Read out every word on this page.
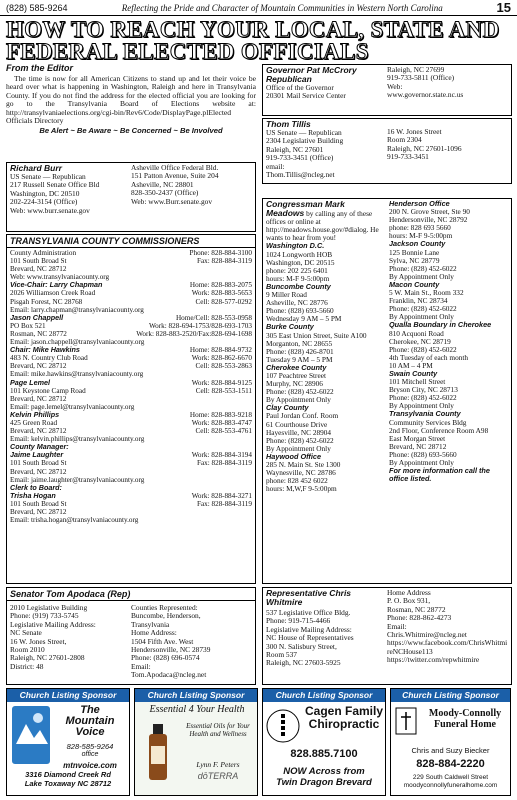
(828) 585-9264	Reflecting the Pride and Character of Mountain Communities in Western North Carolina	15
HOW TO REACH YOUR LOCAL, STATE AND FEDERAL ELECTED OFFICIALS
From the Editor

The time is now for all American Citizens to stand up and let their voice be heard over what is happening in Washington, Raleigh and here in Transylvania County. If you do not find the address for the elected official you are looking for go to the Transylvania Board of Elections website at: http://transylvaniaelections.org/cgi-bin/Rev6/Code/DisplayPage.plElected Officials Directory

Be Alert ~ Be Aware ~ Be Concerned ~ Be Involved
Governor Pat McCrory Republican
Office of the Governor
20301 Mail Service Center
Raleigh, NC 27699
919-733-5811 (Office)
Web:
www.governor.state.nc.us
Thom Tillis
US Senate — Republican
2304 Legislative Building
Raleigh, NC 27601
919-733-3451 (Office)
email:
Thom.Tillis@ncleg.net
16 W. Jones Street
Room 2304
Raleigh, NC 27601-1096
919-733-3451
Richard Burr
US Senate — Republican
217 Russell Senate Office Bld
Washington, DC 20510
202-224-3154 (Office)
Web: www.burr.senate.gov
Asheville Office Federal Bld.
151 Patton Avenue, Suite 204
Asheville, NC 28801
828-350-2437 (Office)
Web: www.Burr.senate.gov
TRANSYLVANIA COUNTY COMMISSIONERS
County Administration	Phone: 828-884-3100
101 South Broad St	Fax: 828-884-3119
Brevard, NC 28712
Web: www.transylvaniacounty.org
Vice-Chair: Larry Chapman	Home: 828-883-2075
2026 Williamson Creek Road	Work: 828-883-5653
Pisgah Forest, NC 28768	Cell: 828-577-0292
Email: larry.chapman@transylvaniacounty.org
Jason Chappell	Home/Cell: 828-553-0958
PO Box 521	Work: 828-694-1753/828-693-1703
Rosman, NC 28772	Work: 828-883-2520/Fax:828-694-1698
Email: jason.chappell@transylvaniacounty.org
Chair: Mike Hawkins	Home: 828-884-9732
483 N. Country Club Road	Work: 828-862-6670
Brevard, NC 28712	Cell: 828-553-2863
Email: mike.hawkins@transylvaniacounty.org
Page Lemel	Work: 828-884-9125
101 Keystone Camp Road	Cell: 828-553-1511
Brevard, NC 28712
Email: page.lemel@transylvaniacounty.org
Kelvin Phillips	Home: 828-883-9218
425 Green Road	Work: 828-883-4747
Brevard, NC 28712	Cell: 828-553-4761
Email: kelvin.phillips@transylvaniacounty.org
County Manager:
Jaime Laughter	Work: 828-884-3194
101 South Broad St	Fax: 828-884-3119
Brevard, NC 28712
Email: jaime.laughter@transylvaniacounty.org
Clerk to Board:
Trisha Hogan	Work: 828-884-3271
101 South Broad St	Fax: 828-884-3119
Brevard, NC 28712
Email: trisha.hogan@transylvaniacounty.org
Congressman Mark Meadows by calling any of these offices or online at http://meadows.house.gov/#dialog. He wants to hear from you!
Washington D.C.
1024 Longworth HOB
Washington, DC 20515
phone: 202 225 6401
hours: M-F 9-5:00pm
Buncombe County
9 Miller Road
Asheville, NC 28776
Phone: (828) 693-5660
Wednesday 9 AM – 5 PM
Burke County
305 East Union Street, Suite A100
Morganton, NC 28655
Phone: (828) 426-8701
Tuesday 9 AM – 5 PM
Cherokee County
107 Peachtree Street
Murphy, NC 28906
Phone: (828) 452-6022
By Appointment Only
Clay County
Paul Jordan Conf. Room
61 Courthouse Drive
Hayesville, NC 28904
Phone: (828) 452-6022
By Appointment Only
Haywood Office
285 N. Main St. Ste 1300
Waynesville, NC 28786
phone: 828 452 6022
hours: M,W,F 9-5:00pm
Henderson Office
200 N. Grove Street, Ste 90
Hendersonville, NC 28792
phone: 828 693 5660
hours: M-F 9-5:00pm
Jackson County
125 Bonnie Lane
Sylva, NC 28779
Phone: (828) 452-6022
By Appointment Only
Macon County
5 W. Main St., Room 332
Franklin, NC 28734
Phone: (828) 452-6022
By Appointment Only
Qualla Boundary in Cherokee
810 Acquoni Road
Cherokee, NC 28719
Phone: (828) 452-6022
4th Tuesday of each month
10 AM – 4 PM
Swain County
101 Mitchell Street
Bryson City, NC 28713
Phone: (828) 452-6022
By Appointment Only
Transylvania County
Community Services Bldg
2nd Floor, Conference Room A98
East Morgan Street
Brevard, NC 28712
Phone: (828) 693-5660
By Appointment Only
For more information call the office listed.
Senator Tom Apodaca (Rep)
2010 Legislative Building
Phone: (919) 733-5745
Legislative Mailing Address:
NC Senate
16 W. Jones Street,
Room 2010
Raleigh, NC 27601-2808
District: 48
Counties Represented:
Buncombe, Henderson,
Transylvania
Home Address:
1504 Fifth Ave. West
Hendersonville, NC 28739
Phone: (828) 696-0574
Email:
Tom.Apodaca@ncleg.net
Representative Chris Whitmire
537 Legislative Office Bldg.
Phone: 919-715-4466
Legislative Mailing Address:
NC House of Representatives
300 N. Salisbury Street,
Room 537
Raleigh, NC 27603-5925
Home Address
P. O. Box 931,
Rosman, NC 28772
Phone: 828-862-4273
Email:
Chris.Whitmire@ncleg.net
https://www.facebook.com/ChrisWhitmireNCHouse113
https://twitter.com/repwhitmire
Church Listing Sponsor
The
Mountain Voice
828-585-9264
office
mtnvoice.com
3316 Diamond Creek Rd
Lake Toxaway NC 28712
Church Listing Sponsor
Essential 4 Your Health
Essential Oils for Your
Health and Wellness
Lynn F. Peters
dōTERRA
Church Listing Sponsor
Cagen Family
Chiropractic
828.885.7100
NOW Across from
Twin Dragon Brevard
Church Listing Sponsor
Moody-Connolly
Funeral Home
Chris and Suzy Biecker
828-884-2220
229 South Caldwell Street
moodyconnollyfuneralhome.com
